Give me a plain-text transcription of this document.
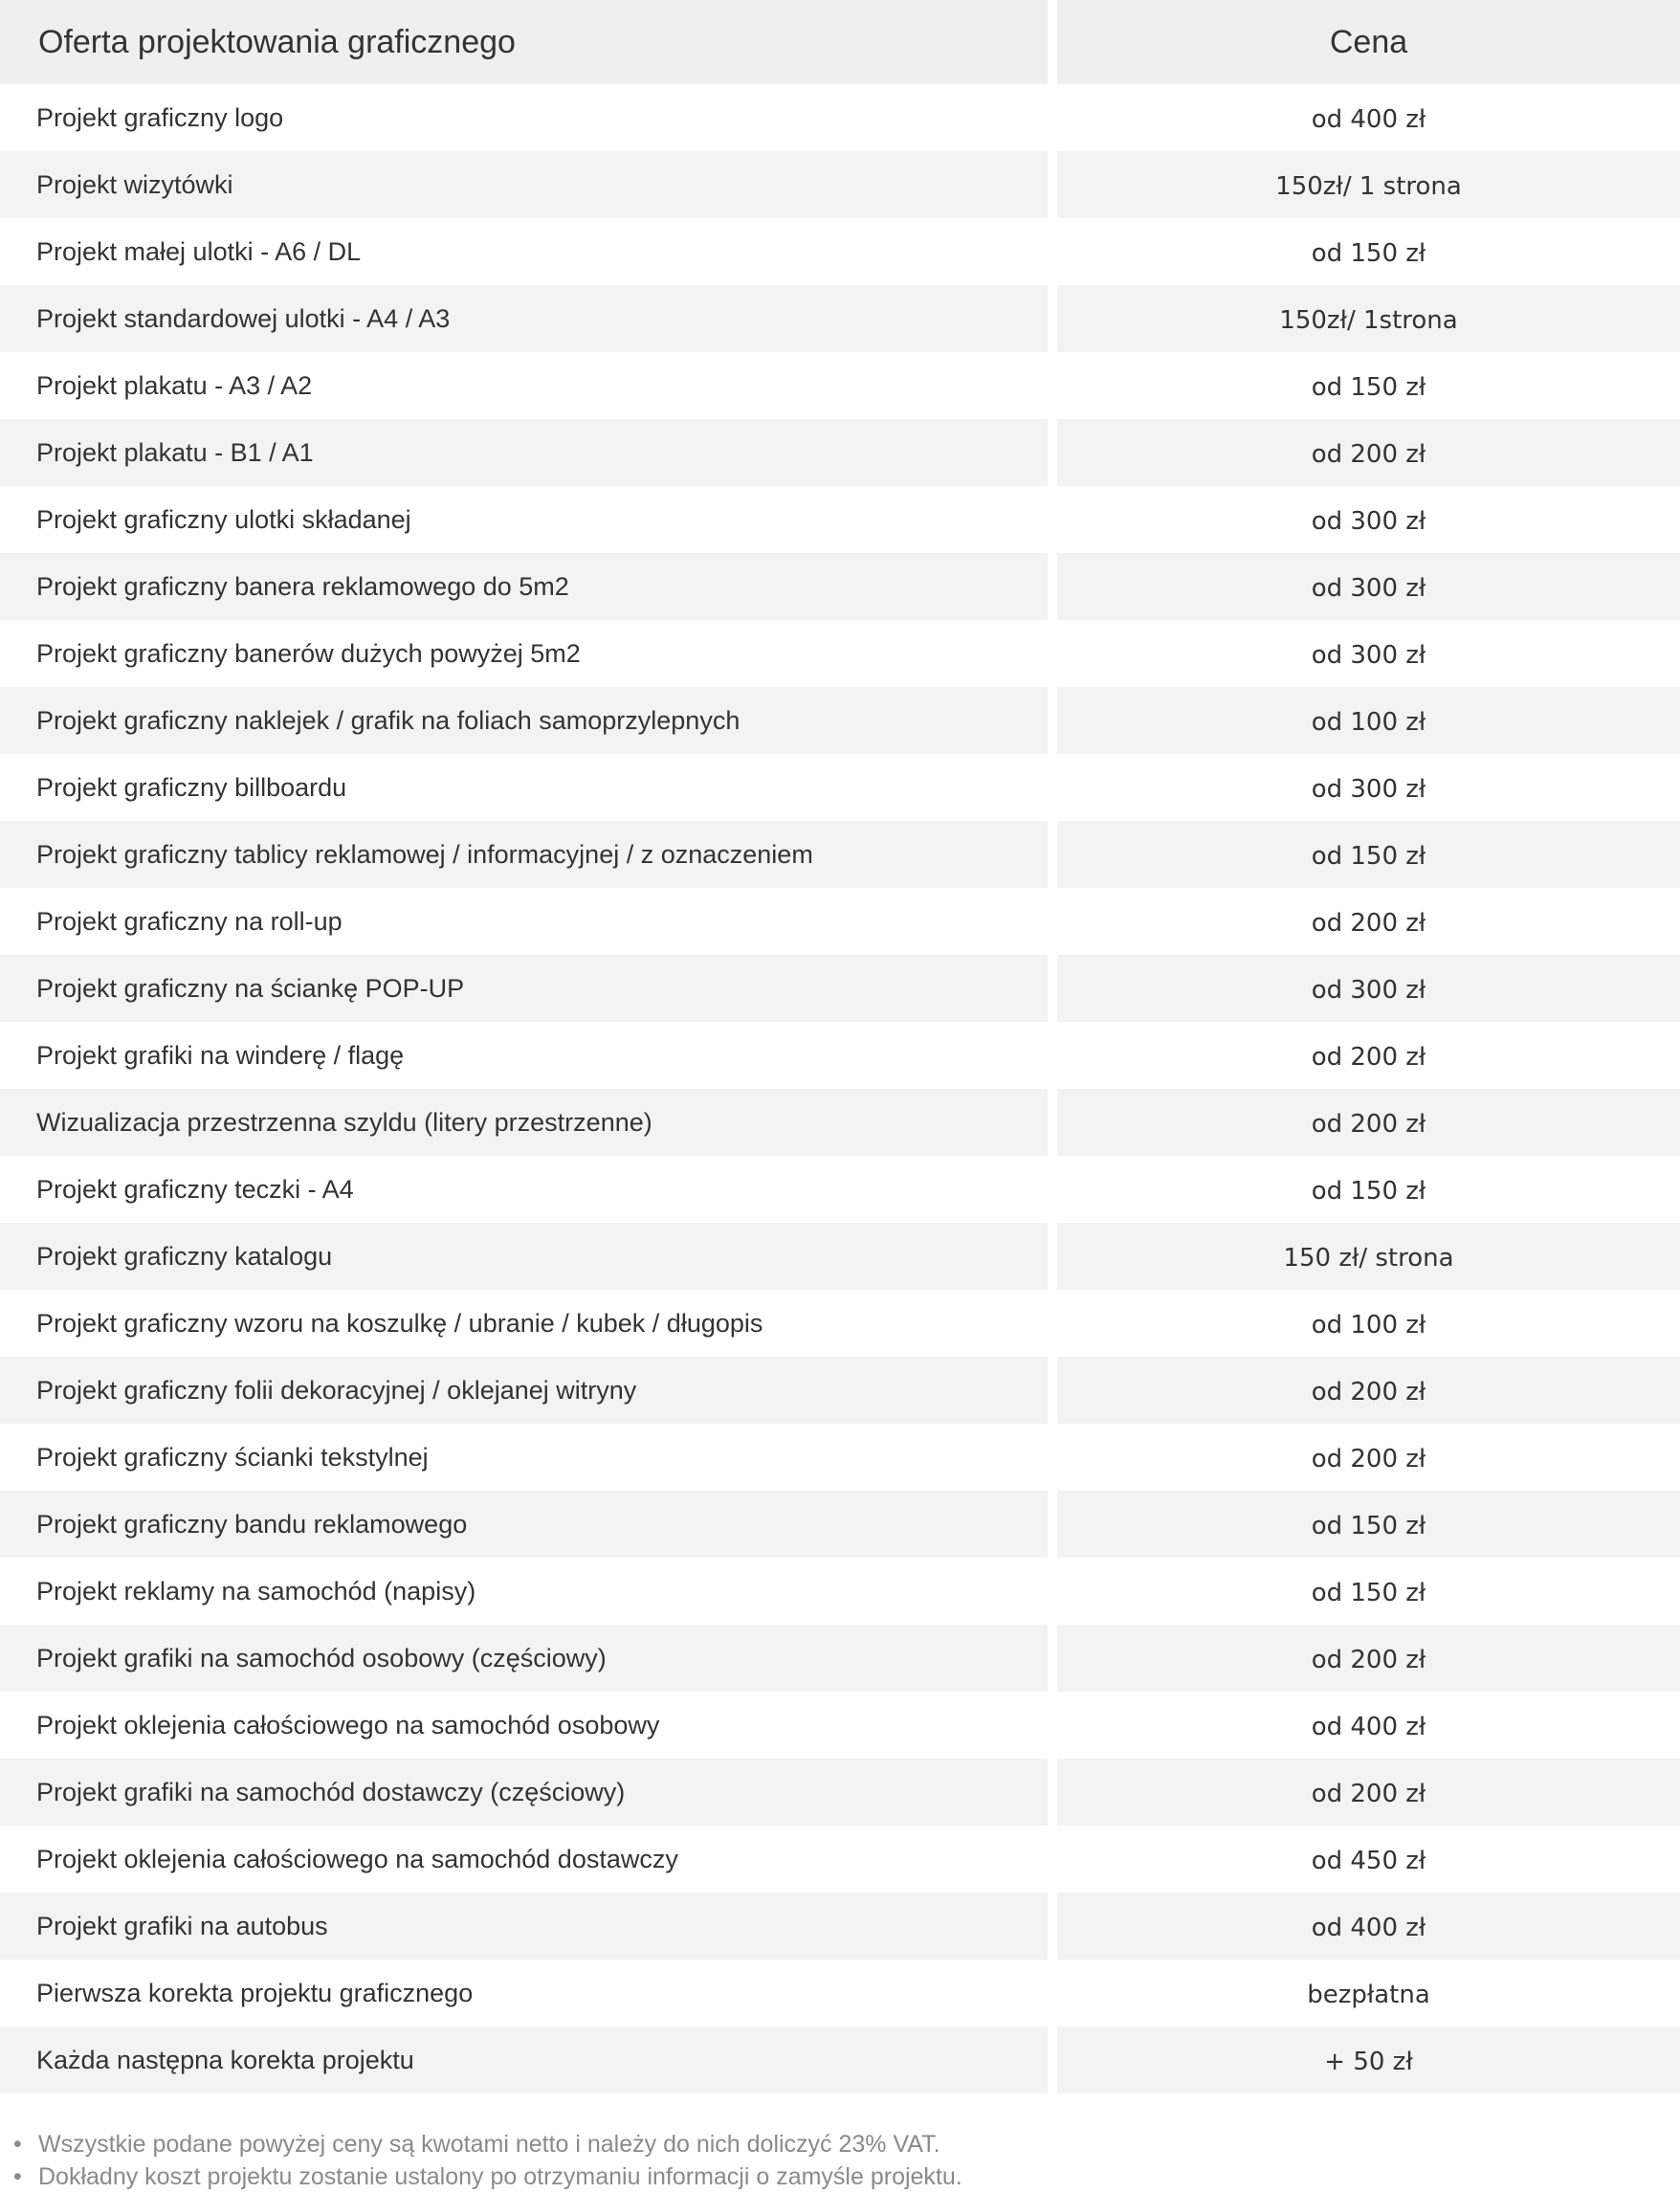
Oferta projektowania graficznego		Cena
Projekt graficzny logo		od 400 zł
Projekt wizytówki		150zł/ 1 strona
Projekt małej ulotki - A6 / DL		od 150 zł
Projekt standardowej ulotki - A4 / A3		150zł/ 1strona
Projekt plakatu - A3 / A2		od 150 zł
Projekt plakatu - B1 / A1		od 200 zł
Projekt graficzny ulotki składanej		od 300 zł
Projekt graficzny banera reklamowego do 5m2		od 300 zł
Projekt graficzny banerów dużych powyżej 5m2		od 300 zł
Projekt graficzny naklejek / grafik na foliach samoprzylepnych		od 100 zł
Projekt graficzny billboardu		od 300 zł
Projekt graficzny tablicy reklamowej / informacyjnej / z oznaczeniem		od 150 zł
Projekt graficzny na roll-up		od 200 zł
Projekt graficzny na ściankę POP-UP		od 300 zł
Projekt grafiki na winderę / flagę		od 200 zł
Wizualizacja przestrzenna szyldu (litery przestrzenne)		od 200 zł
Projekt graficzny teczki - A4		od 150 zł
Projekt graficzny katalogu		150 zł/ strona
Projekt graficzny wzoru na koszulkę / ubranie / kubek / długopis		od 100 zł
Projekt graficzny folii dekoracyjnej / oklejanej witryny		od 200 zł
Projekt graficzny ścianki tekstylnej		od 200 zł
Projekt graficzny bandu reklamowego		od 150 zł
Projekt reklamy na samochód (napisy)		od 150 zł
Projekt grafiki na samochód osobowy (częściowy)		od 200 zł
Projekt oklejenia całościowego na samochód osobowy		od 400 zł
Projekt grafiki na samochód dostawczy (częściowy)		od 200 zł
Projekt oklejenia całościowego na samochód dostawczy		od 450 zł
Projekt grafiki na autobus		od 400 zł
Pierwsza korekta projektu graficznego		bezpłatna
Każda następna korekta projektu		+ 50 zł
• Wszystkie podane powyżej ceny są kwotami netto i należy do nich doliczyć 23% VAT.
• Dokładny koszt projektu zostanie ustalony po otrzymaniu informacji o zamyśle projektu.
